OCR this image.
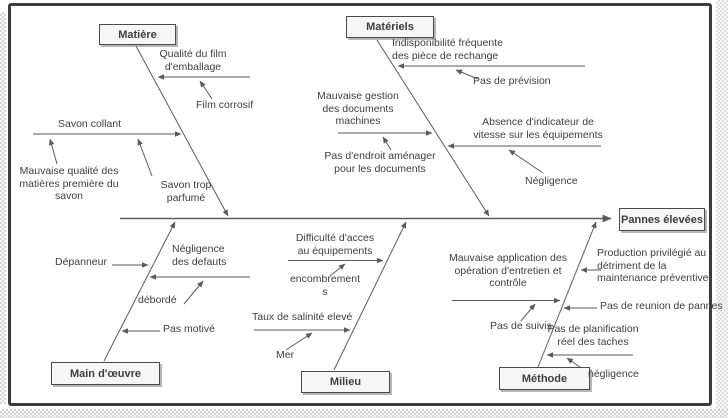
Matière
Matériels
Main d'œuvre
Milieu	Méthode
Pannes élevées
Qualité du film d'emballage
Film corrosif
Savon collant
Mauvaise qualité des matières première du savon
Savon trop parfumé
Indisponibilité fréquente des pièce de rechange
Pas de prévision
Mauvaise gestion des documents machines
Pas d'endroit aménager pour les documents
Absence d'indicateur de vitesse sur les équipements
Négligence
Dépanneur
Négligence des defauts
débordé
Pas motivé
Difficulté d'acces au équipements
encombrement s
Taux de salinité elevé
Mer
Mauvaise application des opération d'entretien et contrôle
Pas de suivis
Production privilégié au détriment de la maintenance préventive
Pas de reunion de pannes
Pas de planification réel des taches
négligence
